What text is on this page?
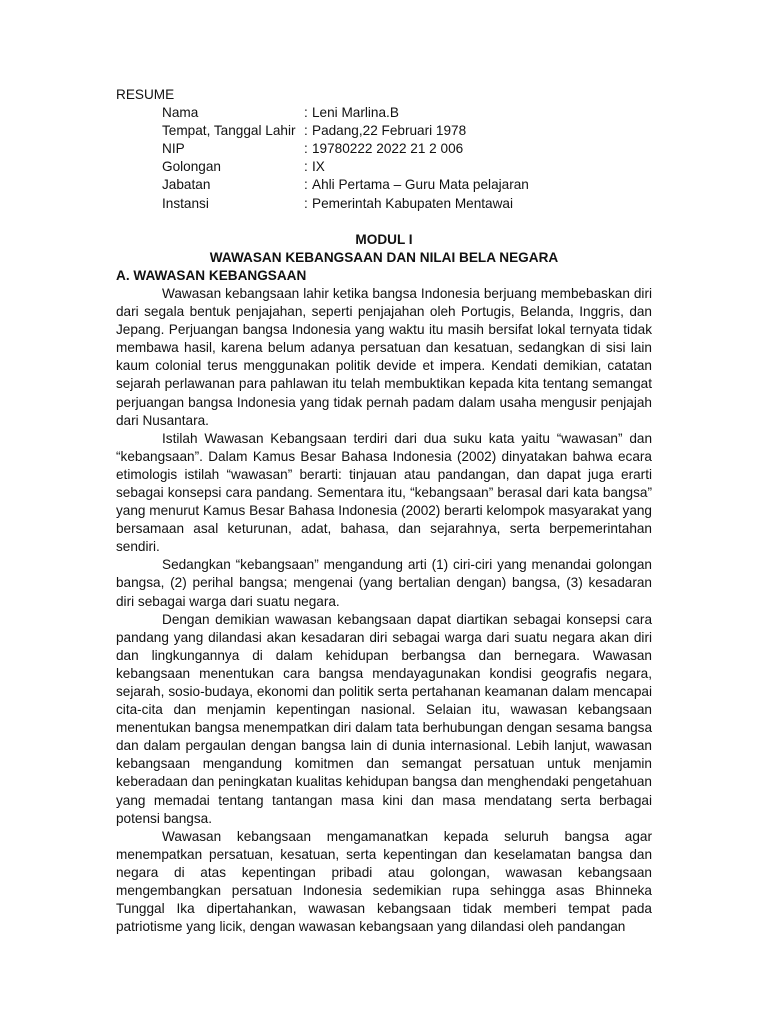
RESUME

Nama	: Leni Marlina.B
Tempat, Tanggal Lahir : Padang,22 Februari 1978
NIP	: 19780222 2022 21 2 006
Golongan	: IX
Jabatan	: Ahli Pertama – Guru Mata pelajaran
Instansi	: Pemerintah Kabupaten Mentawai

MODUL I

WAWASAN KEBANGSAAN DAN NILAI BELA NEGARA

A. WAWASAN KEBANGSAAN

Wawasan kebangsaan lahir ketika bangsa Indonesia berjuang membebaskan diri dari segala bentuk penjajahan, seperti penjajahan oleh Portugis, Belanda, Inggris, dan Jepang. Perjuangan bangsa Indonesia yang waktu itu masih bersifat lokal ternyata tidak membawa hasil, karena belum adanya persatuan dan kesatuan, sedangkan di sisi lain kaum colonial terus menggunakan politik devide et impera. Kendati demikian, catatan sejarah perlawanan para pahlawan itu telah membuktikan kepada kita tentang semangat perjuangan bangsa Indonesia yang tidak pernah padam dalam usaha mengusir penjajah dari Nusantara.

Istilah Wawasan Kebangsaan terdiri dari dua suku kata yaitu “wawasan” dan “kebangsaan”. Dalam Kamus Besar Bahasa Indonesia (2002) dinyatakan bahwa ecara etimologis istilah “wawasan” berarti: tinjauan atau pandangan, dan dapat juga erarti sebagai konsepsi cara pandang. Sementara itu, “kebangsaan” berasal dari kata bangsa” yang menurut Kamus Besar Bahasa Indonesia (2002) berarti kelompok masyarakat yang bersamaan asal keturunan, adat, bahasa, dan sejarahnya, serta berpemerintahan sendiri.

Sedangkan “kebangsaan” mengandung arti (1) ciri-ciri yang menandai golongan bangsa, (2) perihal bangsa; mengenai (yang bertalian dengan) bangsa, (3) kesadaran diri sebagai warga dari suatu negara.

Dengan demikian wawasan kebangsaan dapat diartikan sebagai konsepsi cara pandang yang dilandasi akan kesadaran diri sebagai warga dari suatu negara akan diri dan lingkungannya di dalam kehidupan berbangsa dan bernegara. Wawasan kebangsaan menentukan cara bangsa mendayagunakan kondisi geografis negara, sejarah, sosio-budaya, ekonomi dan politik serta pertahanan keamanan dalam mencapai cita-cita dan menjamin kepentingan nasional. Selaian itu, wawasan kebangsaan menentukan bangsa menempatkan diri dalam tata berhubungan dengan sesama bangsa dan dalam pergaulan dengan bangsa lain di dunia internasional. Lebih lanjut, wawasan kebangsaan mengandung komitmen dan semangat persatuan untuk menjamin keberadaan dan peningkatan kualitas kehidupan bangsa dan menghendaki pengetahuan yang memadai tentang tantangan masa kini dan masa mendatang serta berbagai potensi bangsa.

Wawasan kebangsaan mengamanatkan kepada seluruh bangsa agar menempatkan persatuan, kesatuan, serta kepentingan dan keselamatan bangsa dan negara di atas kepentingan pribadi atau golongan, wawasan kebangsaan mengembangkan persatuan Indonesia sedemikian rupa sehingga asas Bhinneka Tunggal Ika dipertahankan, wawasan kebangsaan tidak memberi tempat pada patriotisme yang licik, dengan wawasan kebangsaan yang dilandasi oleh pandangan
